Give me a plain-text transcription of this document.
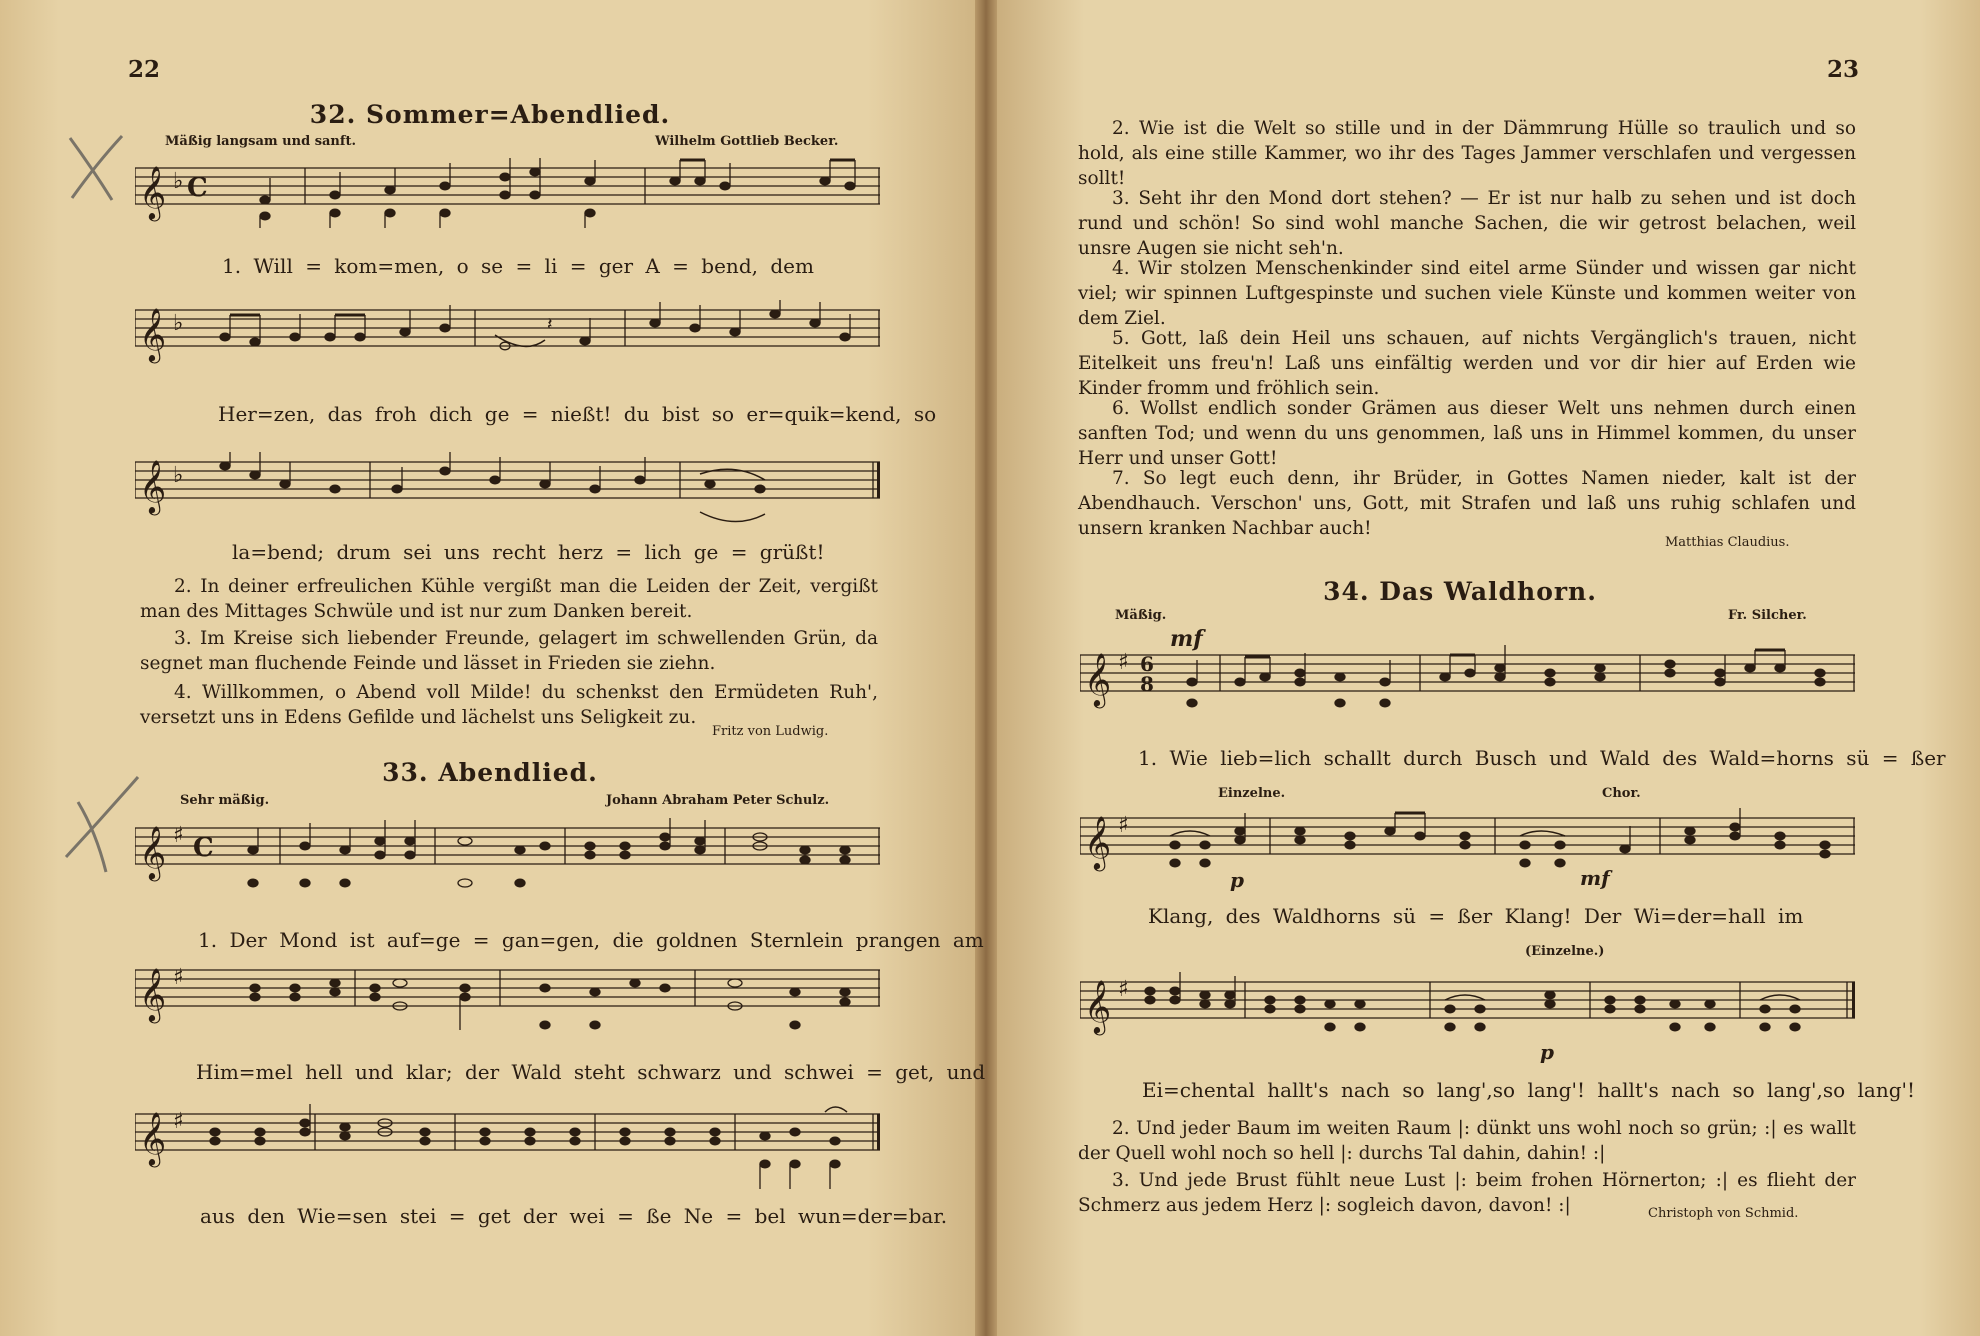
22
32. Sommer=Abendlied.
Mäßig langsam und sanft.	Wilhelm Gottlieb Becker.
𝄞 ♭ C
1. Will = kom=men, o se = li = ger A = bend, dem
𝄞 ♭	𝄽
Her=zen, das froh dich ge = nießt! du bist so er=quik=kend, so
𝄞 ♭
la=bend; drum sei uns recht herz = lich ge = grüßt!
2. In deiner erfreulichen Kühle vergißt man die Leiden der Zeit, vergißt man des Mittages Schwüle und ist nur zum Danken bereit.
3. Im Kreise sich liebender Freunde, gelagert im schwellenden Grün, da segnet man fluchende Feinde und lässet in Frieden sie ziehn.
4. Willkommen, o Abend voll Milde! du schenkst den Ermüdeten Ruh', versetzt uns in Edens Gefilde und lächelst uns Seligkeit zu.
Fritz von Ludwig.
33. Abendlied.
Sehr mäßig.	Johann Abraham Peter Schulz.
𝄞 ♯ C
1. Der Mond ist auf=ge = gan=gen, die goldnen Sternlein prangen am
𝄞 ♯
Him=mel hell und klar; der Wald steht schwarz und schwei = get, und
𝄞 ♯
aus den Wie=sen stei = get der wei = ße Ne = bel wun=der=bar.
23
2. Wie ist die Welt so stille und in der Dämmrung Hülle so traulich und so hold, als eine stille Kammer, wo ihr des Tages Jammer verschlafen und vergessen sollt!
3. Seht ihr den Mond dort stehen? — Er ist nur halb zu sehen und ist doch rund und schön! So sind wohl manche Sachen, die wir getrost belachen, weil unsre Augen sie nicht seh'n.
4. Wir stolzen Menschenkinder sind eitel arme Sünder und wissen gar nicht viel; wir spinnen Luftgespinste und suchen viele Künste und kommen weiter von dem Ziel.
5. Gott, laß dein Heil uns schauen, auf nichts Vergänglich's trauen, nicht Eitelkeit uns freu'n! Laß uns einfältig werden und vor dir hier auf Erden wie Kinder fromm und fröhlich sein.
6. Wollst endlich sonder Grämen aus dieser Welt uns nehmen durch einen sanften Tod; und wenn du uns genommen, laß uns in Himmel kommen, du unser Herr und unser Gott!
7. So legt euch denn, ihr Brüder, in Gottes Namen nieder, kalt ist der Abendhauch. Verschon' uns, Gott, mit Strafen und laß uns ruhig schlafen und unsern kranken Nachbar auch!
Matthias Claudius.
34. Das Waldhorn.
Mäßig.	Fr. Silcher.
mf
𝄞 ♯ 6
8
1. Wie lieb=lich schallt durch Busch und Wald des Wald=horns sü = ßer
Einzelne.	Chor.
𝄞 ♯
p	mf
Klang, des Waldhorns sü = ßer Klang! Der Wi=der=hall im
(Einzelne.)
𝄞 ♯
p
Ei=chental hallt's nach so lang',so lang'! hallt's nach so lang',so lang'!
2. Und jeder Baum im weiten Raum |: dünkt uns wohl noch so grün; :| es wallt der Quell wohl noch so hell |: durchs Tal dahin, dahin! :|
3. Und jede Brust fühlt neue Lust |: beim frohen Hörnerton; :| es flieht der Schmerz aus jedem Herz |: sogleich davon, davon! :|	Christoph von Schmid.
